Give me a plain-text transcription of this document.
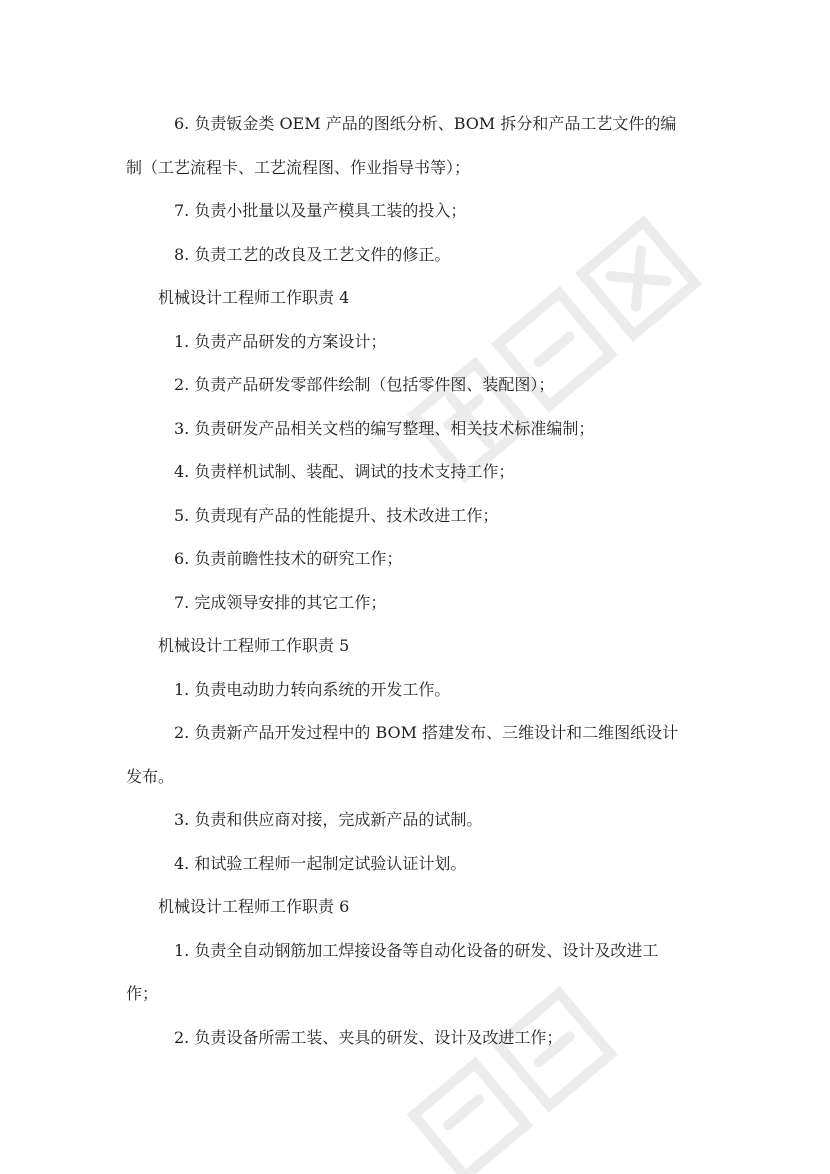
6. 负责钣金类 OEM 产品的图纸分析、BOM 拆分和产品工艺文件的编
制（工艺流程卡、工艺流程图、作业指导书等）；
7. 负责小批量以及量产模具工装的投入；
8. 负责工艺的改良及工艺文件的修正。
机械设计工程师工作职责 4
1. 负责产品研发的方案设计；
2. 负责产品研发零部件绘制（包括零件图、装配图）；
3. 负责研发产品相关文档的编写整理、相关技术标准编制；
4. 负责样机试制、装配、调试的技术支持工作；
5. 负责现有产品的性能提升、技术改进工作；
6. 负责前瞻性技术的研究工作；
7. 完成领导安排的其它工作；
机械设计工程师工作职责 5
1. 负责电动助力转向系统的开发工作。
2. 负责新产品开发过程中的 BOM 搭建发布、三维设计和二维图纸设计
发布。
3. 负责和供应商对接，完成新产品的试制。
4. 和试验工程师一起制定试验认证计划。
机械设计工程师工作职责 6
1. 负责全自动钢筋加工焊接设备等自动化设备的研发、设计及改进工
作；
2. 负责设备所需工装、夹具的研发、设计及改进工作；
